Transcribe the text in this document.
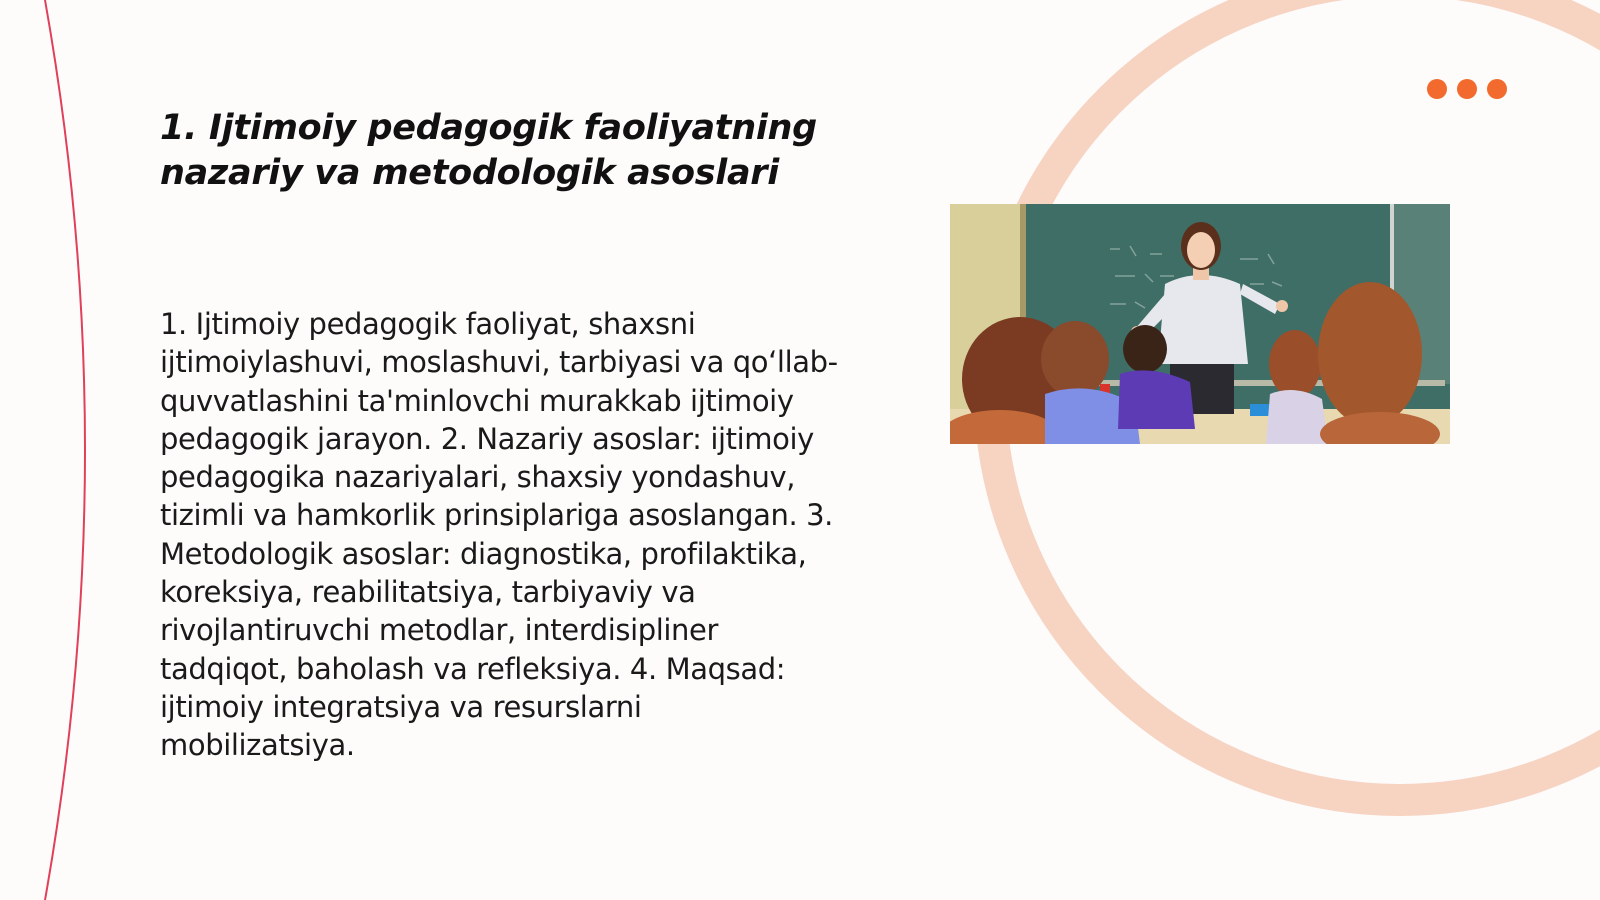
1. Ijtimoiy pedagogik faoliyatning nazariy va metodologik asoslari

1. Ijtimoiy pedagogik faoliyat, shaxsni ijtimoiylashuvi, moslashuvi, tarbiyasi va qo‘llab-quvvatlashini ta'minlovchi murakkab ijtimoiy pedagogik jarayon. 2. Nazariy asoslar: ijtimoiy pedagogika nazariyalari, shaxsiy yondashuv, tizimli va hamkorlik prinsiplariga asoslangan. 3. Metodologik asoslar: diagnostika, profilaktika, koreksiya, reabilitatsiya, tarbiyaviy va rivojlantiruvchi metodlar, interdisipliner tadqiqot, baholash va refleksiya. 4. Maqsad: ijtimoiy integratsiya va resurslarni mobilizatsiya.
